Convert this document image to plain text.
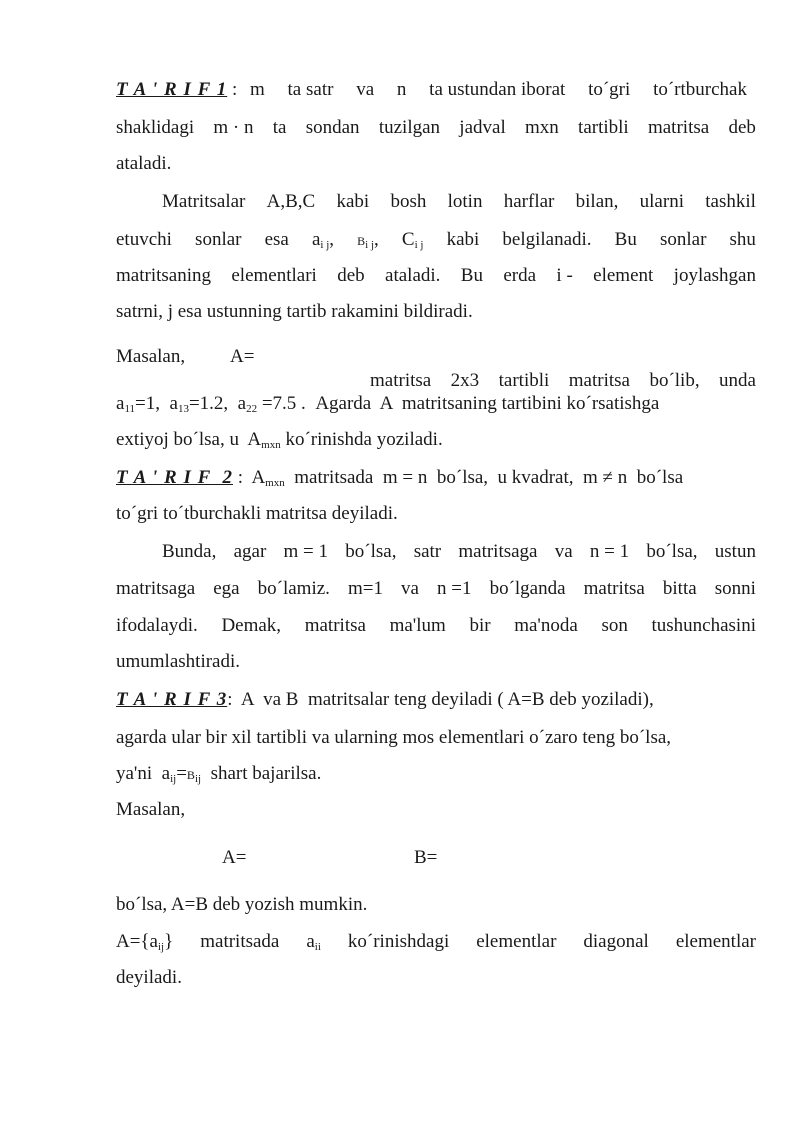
T A ' R I F 1 : m ta satr va n ta ustundan iborat to´gri to´rtburchak
shaklidagi m · n ta sondan tuzilgan jadval mxn tartibli matritsa deb
ataladi.
Matritsalar A,B,C kabi bosh lotin harflar bilan, ularni tashkil
etuvchi sonlar esa $a_{i j}$, $B_{i j}$, $C_{i j}$ kabi belgilanadi. Bu sonlar shu
matritsaning elementlari deb ataladi. Bu erda i - element joylashgan
satrni, j esa ustunning tartib rakamini bildiradi.
Masalan, A=
matritsa 2x3 tartibli matritsa bo´lib, unda
$a_{11}=1$, $a_{13}=1.2$, $a_{22} =7.5$ . Agarda  A  matritsaning tartibini ko´rsatishga
extiyoj bo´lsa, u  $A_{mxn}$ ko´rinishda yoziladi.
T A ' R I F  2 : $A_{mxn}$ matritsada  m = n  bo´lsa,  u kvadrat,  m ≠ n  bo´lsa
to´gri to´tburchakli matritsa deyiladi.
Bunda, agar m = 1 bo´lsa, satr matritsaga va n = 1 bo´lsa, ustun
matritsaga ega bo´lamiz. m=1 va n =1 bo´lganda matritsa bitta sonni
ifodalaydi. Demak, matritsa ma'lum bir ma'noda son tushunchasini
umumlashtiradi.
T A ' R I F 3:  A  va B  matritsalar teng deyiladi ( A=B deb yoziladi),
agarda ular bir xil tartibli va ularning mos elementlari o´zaro teng bo´lsa,
ya'ni  $a_{ij}=B_{ij}$  shart bajarilsa.
Masalan,
A=	B=
bo´lsa, A=B deb yozish mumkin.
$A=\{a_{ij}\}$ matritsada $a_{ii}$ ko´rinishdagi elementlar diagonal elementlar
deyiladi.
